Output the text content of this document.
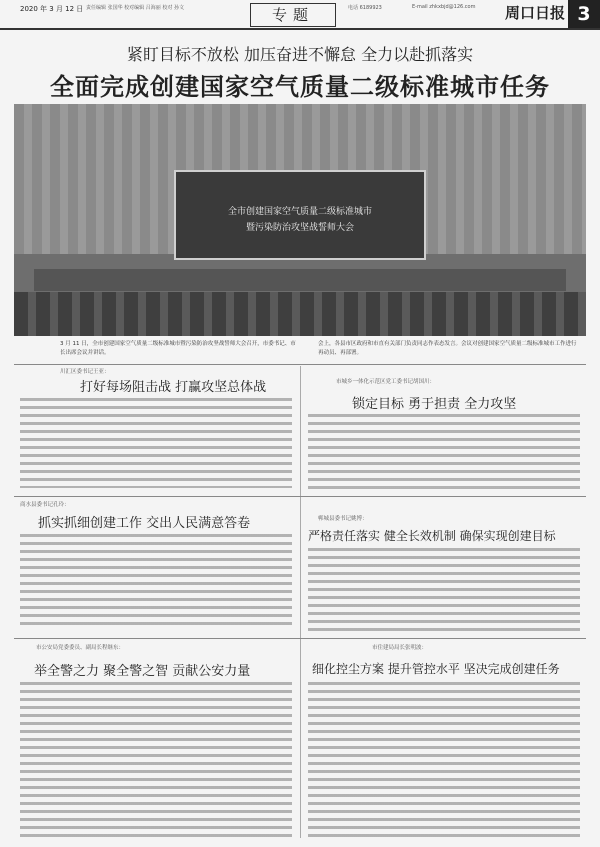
2020 年 3 月 12 日 责任编辑 张国华 校对编辑 吕海丽 校对 孙文	专题	电话 6189923	E-mail zhkxbjd@126.com 周口日报 3
紧盯目标不放松 加压奋进不懈怠 全力以赴抓落实
全面完成创建国家空气质量二级标准城市任务
全市创建国家空气质量二级标准城市
暨污染防治攻坚战誓师大会
3 月 11 日，全市创建国家空气质量二级标准城市暨污染防治攻坚战誓师大会召开，市委书记、市长出席会议并讲话。
会上，各县市区政府和市直有关部门负责同志作表态发言。会议对创建国家空气质量二级标准城市工作进行再动员、再部署。
川汇区委书记王亚：
打好每场阻击战 打赢攻坚总体战	市城乡一体化示范区党工委书记胡国川：
锁定目标 勇于担责 全力攻坚
商水县委书记孔玲：
抓实抓细创建工作 交出人民满意答卷	郸城县委书记姚博：
严格责任落实 健全长效机制 确保实现创建目标
市公安局党委委员、副局长程继东：
举全警之力 聚全警之智 贡献公安力量
市住建局局长张明波：
细化控尘方案 提升管控水平 坚决完成创建任务
